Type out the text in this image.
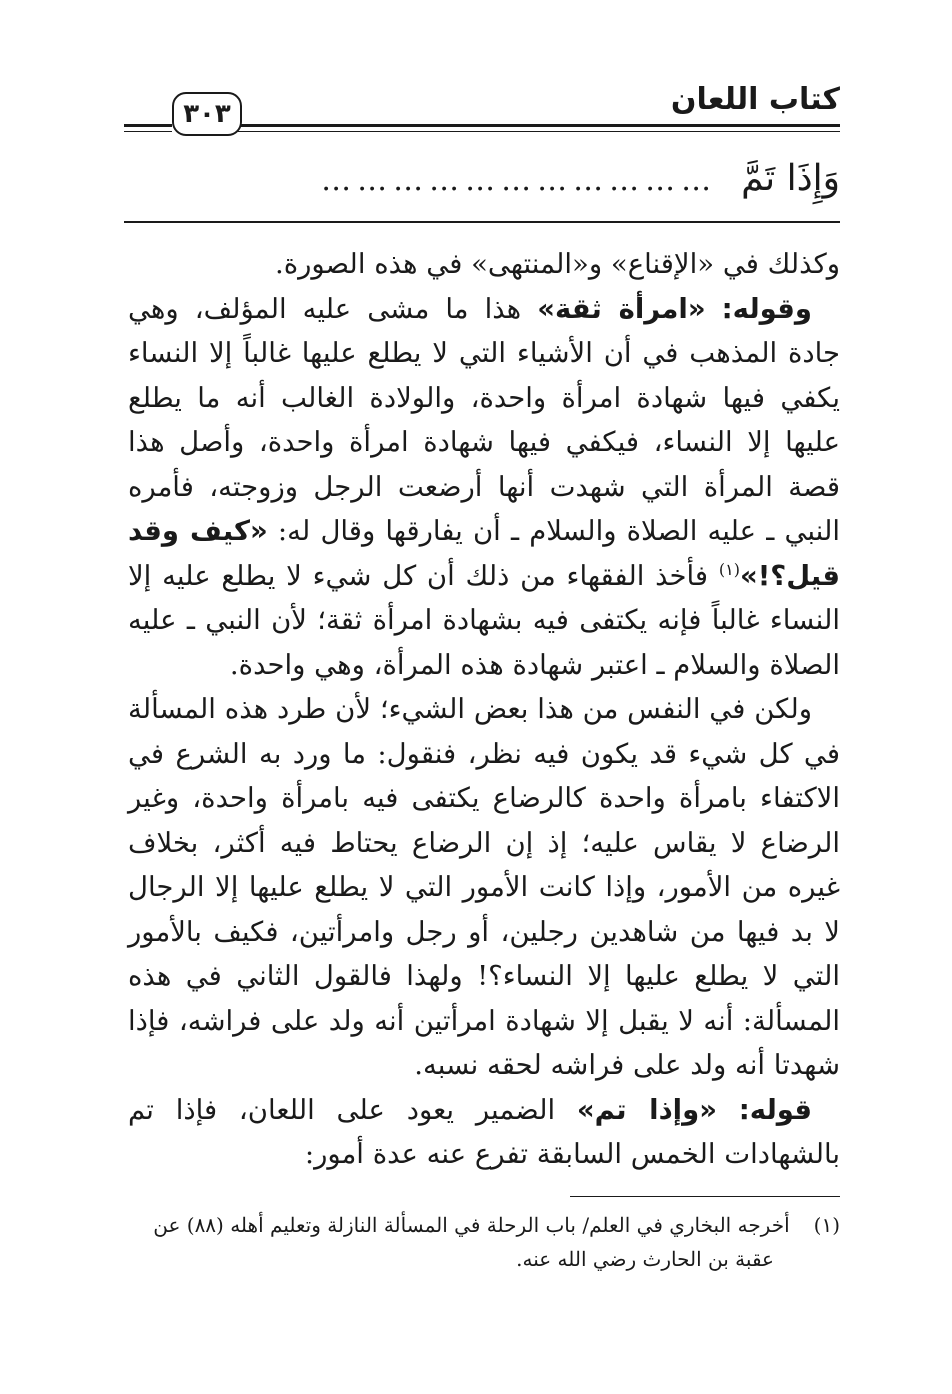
كتاب اللعان
٣٠٣
وَإِذَا تَمَّ
……………………………

وكذلك في «الإقناع» و«المنتهى» في هذه الصورة.

وقوله: «امرأة ثقة» هذا ما مشى عليه المؤلف، وهي جادة المذهب في أن الأشياء التي لا يطلع عليها غالباً إلا النساء يكفي فيها شهادة امرأة واحدة، والولادة الغالب أنه ما يطلع عليها إلا النساء، فيكفي فيها شهادة امرأة واحدة، وأصل هذا قصة المرأة التي شهدت أنها أرضعت الرجل وزوجته، فأمره النبي ـ عليه الصلاة والسلام ـ أن يفارقها وقال له: «كيف وقد قيل؟!»$^{(١)}$ فأخذ الفقهاء من ذلك أن كل شيء لا يطلع عليه إلا النساء غالباً فإنه يكتفى فيه بشهادة امرأة ثقة؛ لأن النبي ـ عليه الصلاة والسلام ـ اعتبر شهادة هذه المرأة، وهي واحدة.

ولكن في النفس من هذا بعض الشيء؛ لأن طرد هذه المسألة في كل شيء قد يكون فيه نظر، فنقول: ما ورد به الشرع في الاكتفاء بامرأة واحدة كالرضاع يكتفى فيه بامرأة واحدة، وغير الرضاع لا يقاس عليه؛ إذ إن الرضاع يحتاط فيه أكثر، بخلاف غيره من الأمور، وإذا كانت الأمور التي لا يطلع عليها إلا الرجال لا بد فيها من شاهدين رجلين، أو رجل وامرأتين، فكيف بالأمور التي لا يطلع عليها إلا النساء؟! ولهذا فالقول الثاني في هذه المسألة: أنه لا يقبل إلا شهادة امرأتين أنه ولد على فراشه، فإذا شهدتا أنه ولد على فراشه لحقه نسبه.

قوله: «وإذا تم» الضمير يعود على اللعان، فإذا تم بالشهادات الخمس السابقة تفرع عنه عدة أمور:

(١) أخرجه البخاري في العلم/ باب الرحلة في المسألة النازلة وتعليم أهله (٨٨) عن
عقبة بن الحارث رضي الله عنه.
